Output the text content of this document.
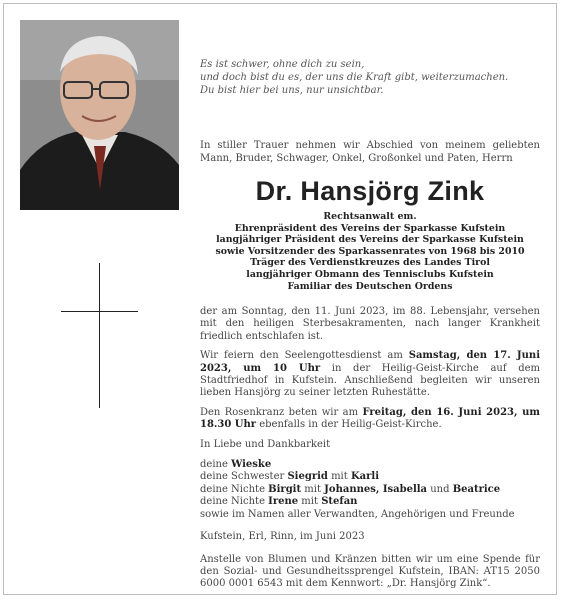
Es ist schwer, ohne dich zu sein,
und doch bist du es, der uns die Kraft gibt, weiterzumachen.
Du bist hier bei uns, nur unsichtbar.
In stiller Trauer nehmen wir Abschied von meinem geliebten Mann, Bruder, Schwager, Onkel, Großonkel und Paten, Herrn
Dr. Hansjörg Zink
Rechtsanwalt em.
Ehrenpräsident des Vereins der Sparkasse Kufstein
langjähriger Präsident des Vereins der Sparkasse Kufstein
sowie Vorsitzender des Sparkassenrates von 1968 bis 2010
Träger des Verdienstkreuzes des Landes Tirol
langjähriger Obmann des Tennisclubs Kufstein
Familiar des Deutschen Ordens

der am Sonntag, den 11. Juni 2023, im 88. Lebensjahr, versehen mit den heiligen Sterbesakramenten, nach langer Krankheit friedlich entschlafen ist.

Wir feiern den Seelengottesdienst am Samstag, den 17. Juni 2023, um 10 Uhr in der Heilig-Geist-Kirche auf dem Stadtfriedhof in Kufstein. Anschließend begleiten wir unseren lieben Hansjörg zu seiner letzten Ruhestätte.

Den Rosenkranz beten wir am Freitag, den 16. Juni 2023, um 18.30 Uhr ebenfalls in der Heilig-Geist-Kirche.

In Liebe und Dankbarkeit
deine Wieske
deine Schwester Siegrid mit Karli
deine Nichte Birgit mit Johannes, Isabella und Beatrice
deine Nichte Irene mit Stefan
sowie im Namen aller Verwandten, Angehörigen und Freunde
Kufstein, Erl, Rinn, im Juni 2023

Anstelle von Blumen und Kränzen bitten wir um eine Spende für den Sozial- und Gesundheitssprengel Kufstein, IBAN: AT15 2050 6000 0001 6543 mit dem Kennwort: „Dr. Hansjörg Zink“.
